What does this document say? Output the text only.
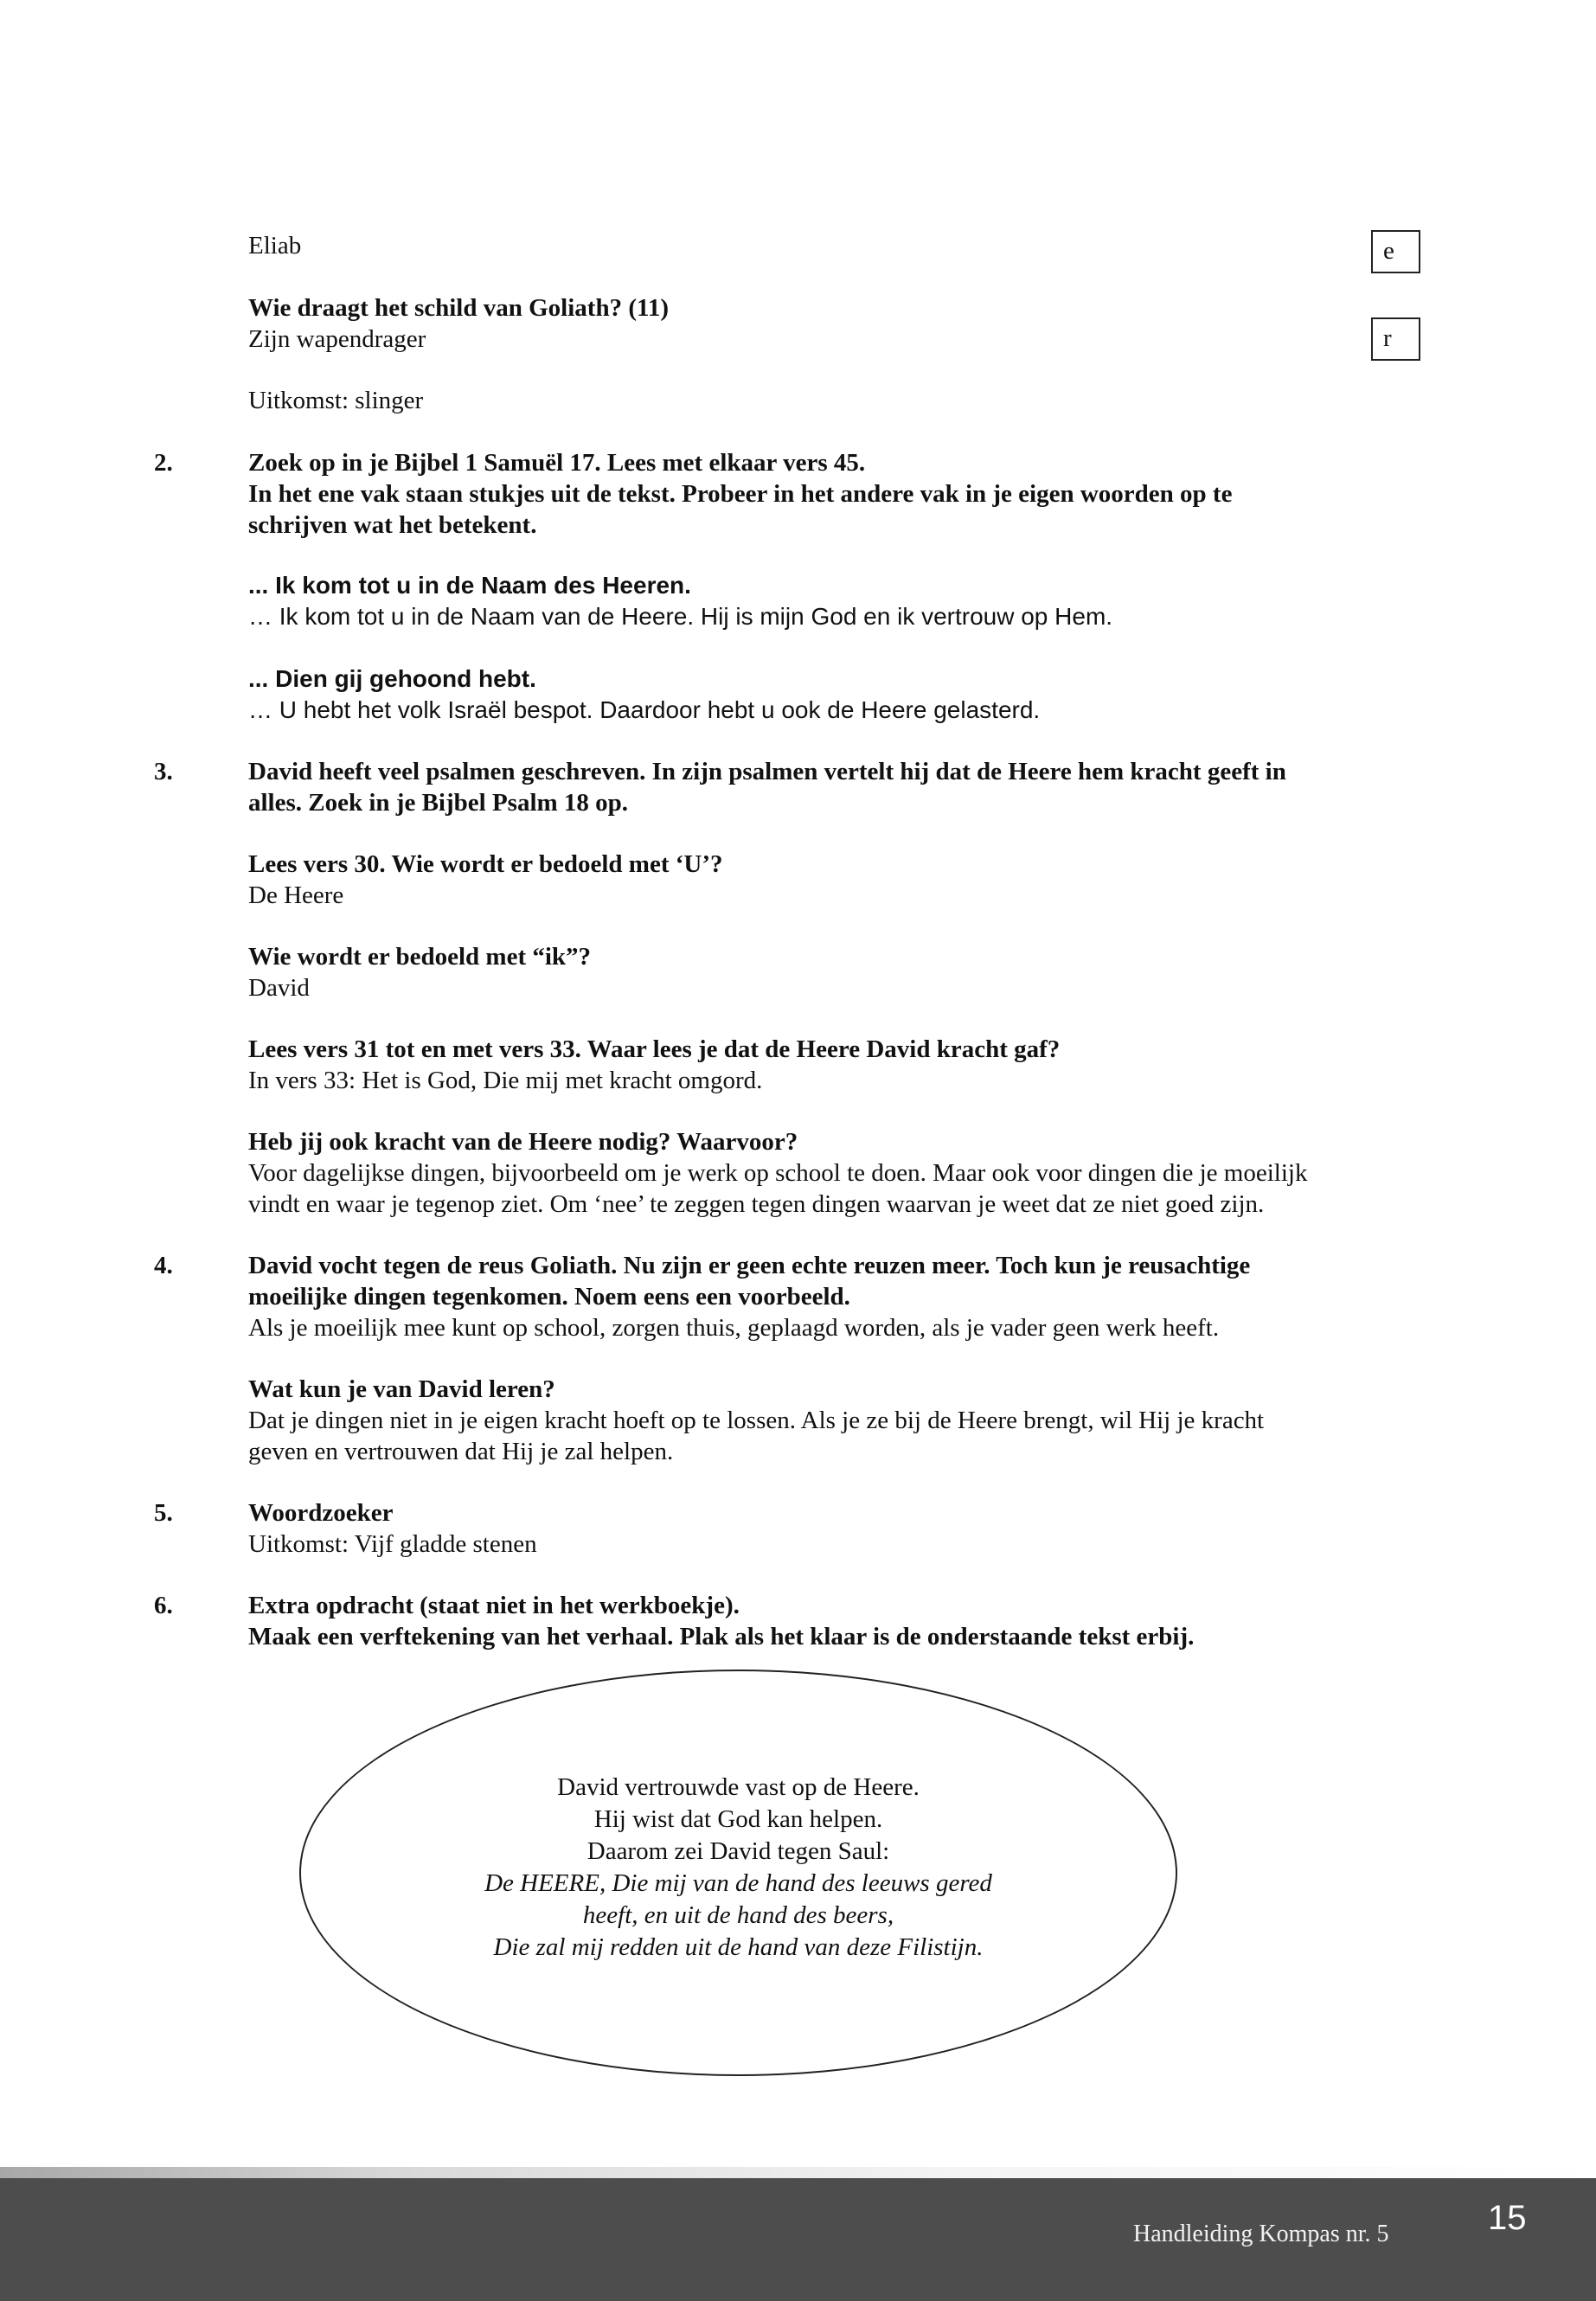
Eliab	e
Wie draagt het schild van Goliath? (11)
Zijn wapendrager	r
Uitkomst: slinger
2.	Zoek op in je Bijbel 1 Samuël 17. Lees met elkaar vers 45.
In het ene vak staan stukjes uit de tekst. Probeer in het andere vak in je eigen woorden op te
schrijven wat het betekent.
... Ik kom tot u in de Naam des Heeren.
… Ik kom tot u in de Naam van de Heere. Hij is mijn God en ik vertrouw op Hem.
... Dien gij gehoond hebt.
… U hebt het volk Israël bespot. Daardoor hebt u ook de Heere gelasterd.
3.	David heeft veel psalmen geschreven. In zijn psalmen vertelt hij dat de Heere hem kracht geeft in
alles. Zoek in je Bijbel Psalm 18 op.
Lees vers 30. Wie wordt er bedoeld met ‘U’?
De Heere
Wie wordt er bedoeld met “ik”?
David
Lees vers 31 tot en met vers 33. Waar lees je dat de Heere David kracht gaf?
In vers 33: Het is God, Die mij met kracht omgord.
Heb jij ook kracht van de Heere nodig? Waarvoor?
Voor dagelijkse dingen, bijvoorbeeld om je werk op school te doen. Maar ook voor dingen die je moeilijk
vindt en waar je tegenop ziet. Om ‘nee’ te zeggen tegen dingen waarvan je weet dat ze niet goed zijn.
4.	David vocht tegen de reus Goliath. Nu zijn er geen echte reuzen meer. Toch kun je reusachtige
moeilijke dingen tegenkomen. Noem eens een voorbeeld.
Als je moeilijk mee kunt op school, zorgen thuis, geplaagd worden, als je vader geen werk heeft.
Wat kun je van David leren?
Dat je dingen niet in je eigen kracht hoeft op te lossen. Als je ze bij de Heere brengt, wil Hij je kracht
geven en vertrouwen dat Hij je zal helpen.
5.	Woordzoeker
Uitkomst: Vijf gladde stenen
6.	Extra opdracht (staat niet in het werkboekje).
Maak een verftekening van het verhaal. Plak als het klaar is de onderstaande tekst erbij.
David vertrouwde vast op de Heere.
Hij wist dat God kan helpen.
Daarom zei David tegen Saul:
De HEERE, Die mij van de hand des leeuws gered
heeft, en uit de hand des beers,
Die zal mij redden uit de hand van deze Filistijn.
Handleiding Kompas nr. 5	15
